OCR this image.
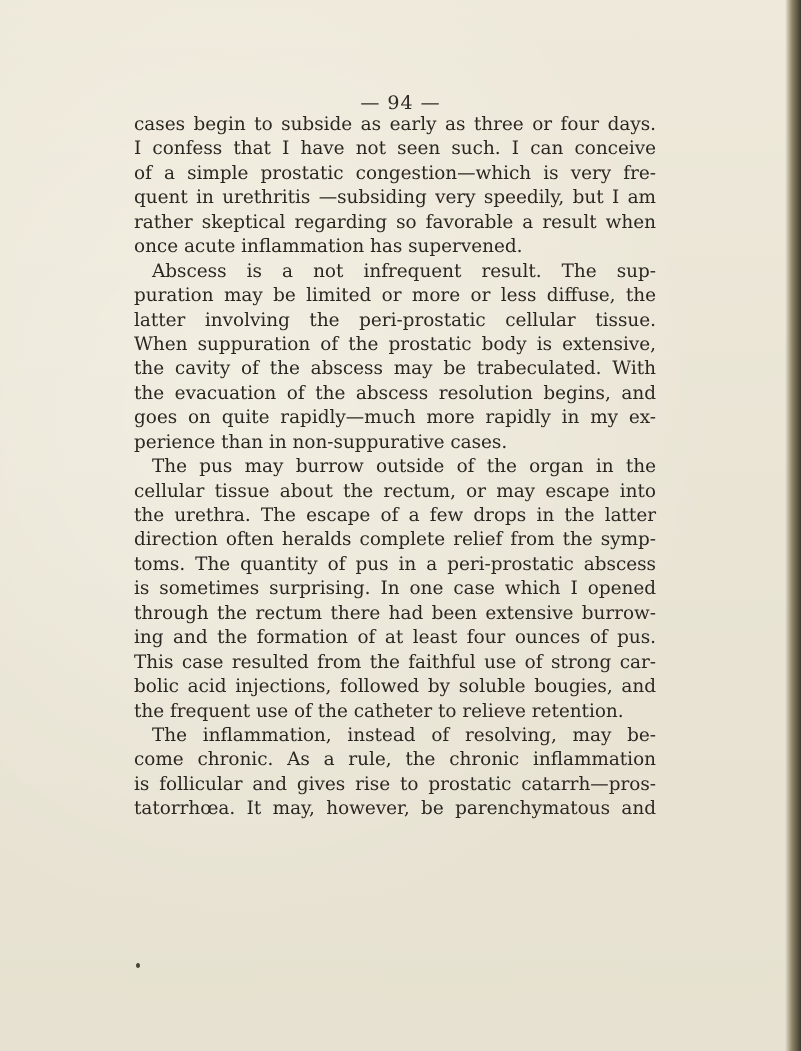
— 94 —
cases begin to subside as early as three or four days.
I confess that I have not seen such. I can conceive
of a simple prostatic congestion—which is very fre-
quent in urethritis —subsiding very speedily, but I am
rather skeptical regarding so favorable a result when
once acute inflammation has supervened.
Abscess is a not infrequent result. The sup-
puration may be limited or more or less diffuse, the
latter involving the peri-prostatic cellular tissue.
When suppuration of the prostatic body is extensive,
the cavity of the abscess may be trabeculated. With
the evacuation of the abscess resolution begins, and
goes on quite rapidly—much more rapidly in my ex-
perience than in non-suppurative cases.
The pus may burrow outside of the organ in the
cellular tissue about the rectum, or may escape into
the urethra. The escape of a few drops in the latter
direction often heralds complete relief from the symp-
toms. The quantity of pus in a peri-prostatic abscess
is sometimes surprising. In one case which I opened
through the rectum there had been extensive burrow-
ing and the formation of at least four ounces of pus.
This case resulted from the faithful use of strong car-
bolic acid injections, followed by soluble bougies, and
the frequent use of the catheter to relieve retention.
The inflammation, instead of resolving, may be-
come chronic. As a rule, the chronic inflammation
is follicular and gives rise to prostatic catarrh—pros-
tatorrhœa. It may, however, be parenchymatous and
